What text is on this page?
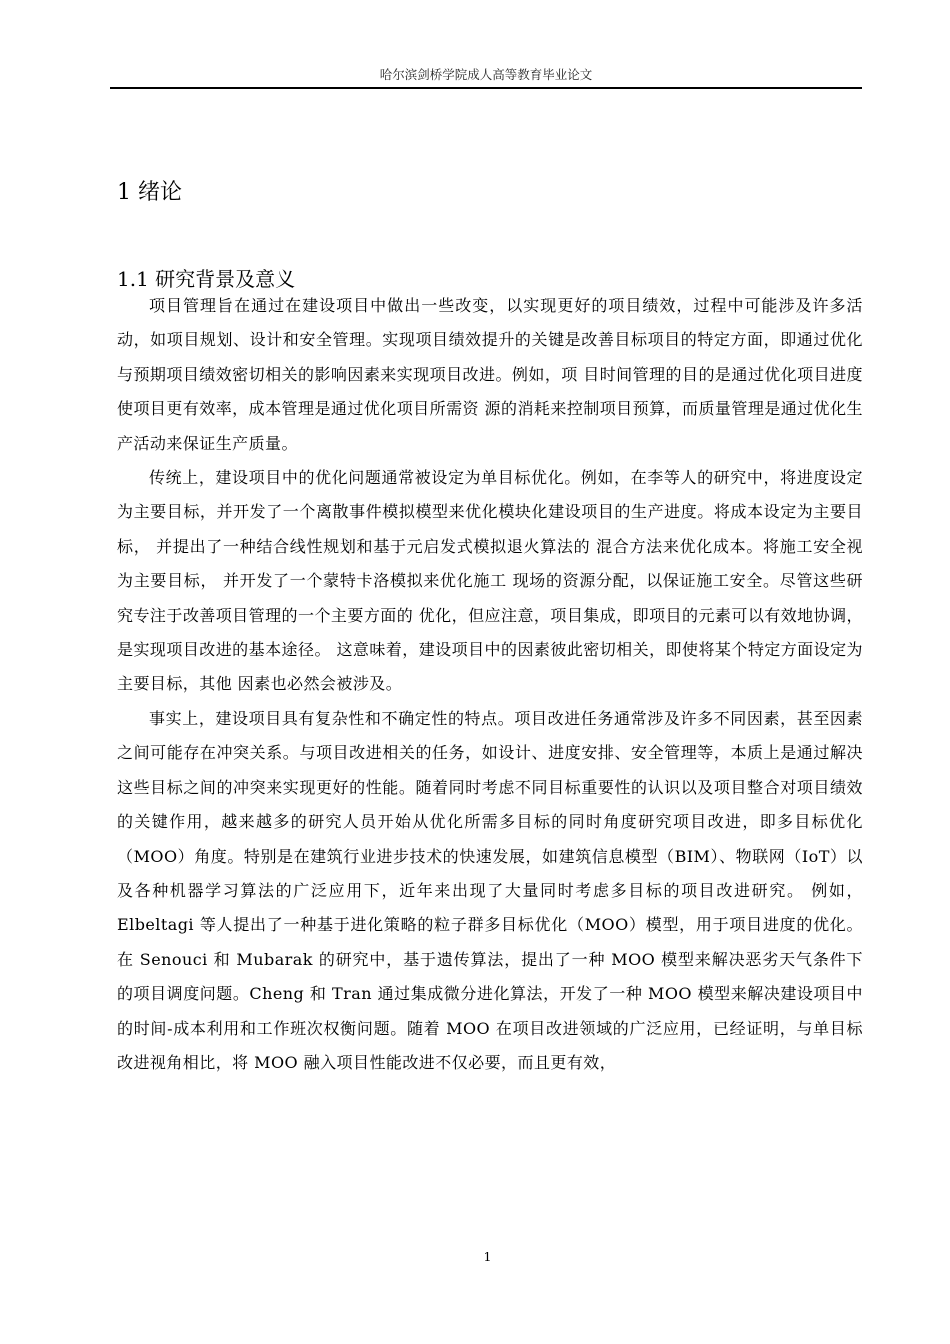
哈尔滨剑桥学院成人高等教育毕业论文
1 绪论
1.1 研究背景及意义

项目管理旨在通过在建设项目中做出一些改变，以实现更好的项目绩效，过程中可能涉及许多活动，如项目规划、设计和安全管理。实现项目绩效提升的关键是改善目标项目的特定方面，即通过优化与预期项目绩效密切相关的影响因素来实现项目改进。例如，项 目时间管理的目的是通过优化项目进度使项目更有效率，成本管理是通过优化项目所需资 源的消耗来控制项目预算，而质量管理是通过优化生产活动来保证生产质量。

传统上，建设项目中的优化问题通常被设定为单目标优化。例如，在李等人的研究中，将进度设定为主要目标，并开发了一个离散事件模拟模型来优化模块化建设项目的生产进度。将成本设定为主要目标， 并提出了一种结合线性规划和基于元启发式模拟退火算法的 混合方法来优化成本。将施工安全视为主要目标， 并开发了一个蒙特卡洛模拟来优化施工 现场的资源分配，以保证施工安全。尽管这些研究专注于改善项目管理的一个主要方面的 优化，但应注意，项目集成，即项目的元素可以有效地协调，是实现项目改进的基本途径。 这意味着，建设项目中的因素彼此密切相关，即使将某个特定方面设定为主要目标，其他 因素也必然会被涉及。

事实上，建设项目具有复杂性和不确定性的特点。项目改进任务通常涉及许多不同因素，甚至因素之间可能存在冲突关系。与项目改进相关的任务，如设计、进度安排、安全管理等，本质上是通过解决这些目标之间的冲突来实现更好的性能。随着同时考虑不同目标重要性的认识以及项目整合对项目绩效的关键作用，越来越多的研究人员开始从优化所需多目标的同时角度研究项目改进，即多目标优化（MOO）角度。特别是在建筑行业进步技术的快速发展，如建筑信息模型（BIM）、物联网（IoT）以及各种机器学习算法的广泛应用下，近年来出现了大量同时考虑多目标的项目改进研究。 例如，Elbeltagi 等人提出了一种基于进化策略的粒子群多目标优化（MOO）模型，用于项目进度的优化。在 Senouci 和 Mubarak 的研究中，基于遗传算法，提出了一种 MOO 模型来解决恶劣天气条件下的项目调度问题。Cheng 和 Tran 通过集成微分进化算法，开发了一种 MOO 模型来解决建设项目中的时间-成本利用和工作班次权衡问题。随着 MOO 在项目改进领域的广泛应用，已经证明，与单目标改进视角相比，将 MOO 融入项目性能改进不仅必要，而且更有效，

1
